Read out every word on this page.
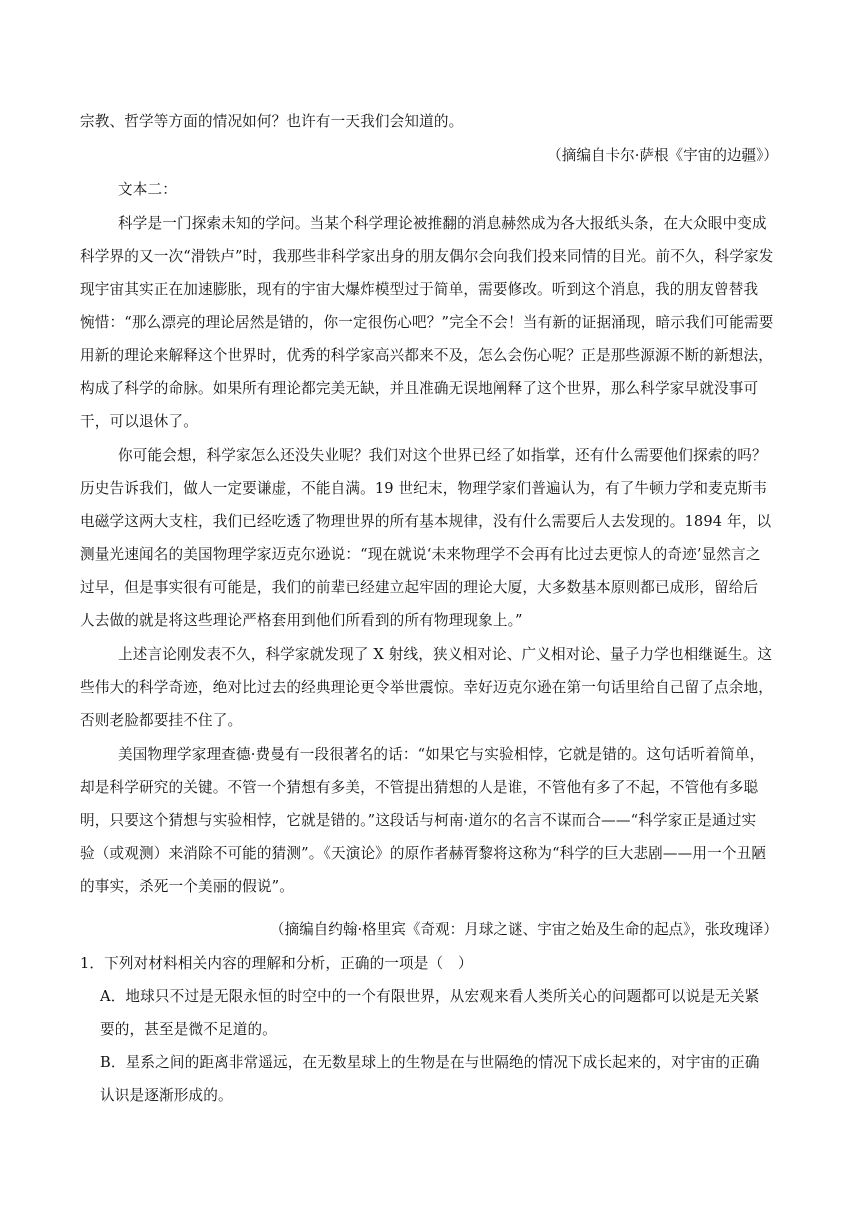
宗教、哲学等方面的情况如何？也许有一天我们会知道的。

（摘编自卡尔·萨根《宇宙的边疆》）

文本二：

科学是一门探索未知的学问。当某个科学理论被推翻的消息赫然成为各大报纸头条，在大众眼中变成

科学界的又一次“滑铁卢”时，我那些非科学家出身的朋友偶尔会向我们投来同情的目光。前不久，科学家发

现宇宙其实正在加速膨胀，现有的宇宙大爆炸模型过于简单，需要修改。听到这个消息，我的朋友曾替我

惋惜：“那么漂亮的理论居然是错的，你一定很伤心吧？”完全不会！当有新的证据涌现，暗示我们可能需要

用新的理论来解释这个世界时，优秀的科学家高兴都来不及，怎么会伤心呢？正是那些源源不断的新想法，

构成了科学的命脉。如果所有理论都完美无缺，并且准确无误地阐释了这个世界，那么科学家早就没事可

干，可以退休了。

你可能会想，科学家怎么还没失业呢？我们对这个世界已经了如指掌，还有什么需要他们探索的吗？

历史告诉我们，做人一定要谦虚，不能自满。19 世纪末，物理学家们普遍认为，有了牛顿力学和麦克斯韦

电磁学这两大支柱，我们已经吃透了物理世界的所有基本规律，没有什么需要后人去发现的。1894 年，以

测量光速闻名的美国物理学家迈克尔逊说：“现在就说‘未来物理学不会再有比过去更惊人的奇迹’显然言之

过早，但是事实很有可能是，我们的前辈已经建立起牢固的理论大厦，大多数基本原则都已成形，留给后

人去做的就是将这些理论严格套用到他们所看到的所有物理现象上。”

上述言论刚发表不久，科学家就发现了 X 射线，狭义相对论、广义相对论、量子力学也相继诞生。这

些伟大的科学奇迹，绝对比过去的经典理论更令举世震惊。幸好迈克尔逊在第一句话里给自己留了点余地，

否则老脸都要挂不住了。

美国物理学家理查德·费曼有一段很著名的话：“如果它与实验相悖，它就是错的。这句话听着简单，

却是科学研究的关键。不管一个猜想有多美，不管提出猜想的人是谁，不管他有多了不起，不管他有多聪

明，只要这个猜想与实验相悖，它就是错的。”这段话与柯南·道尔的名言不谋而合——“科学家正是通过实

验（或观测）来消除不可能的猜测”。《天演论》的原作者赫胥黎将这称为“科学的巨大悲剧——用一个丑陋

的事实，杀死一个美丽的假说”。

（摘编自约翰·格里宾《奇观：月球之谜、宇宙之始及生命的起点》，张玫瑰译）

1．下列对材料相关内容的理解和分析，正确的一项是（　）

A．地球只不过是无限永恒的时空中的一个有限世界，从宏观来看人类所关心的问题都可以说是无关紧

要的，甚至是微不足道的。

B．星系之间的距离非常遥远，在无数星球上的生物是在与世隔绝的情况下成长起来的，对宇宙的正确

认识是逐渐形成的。
